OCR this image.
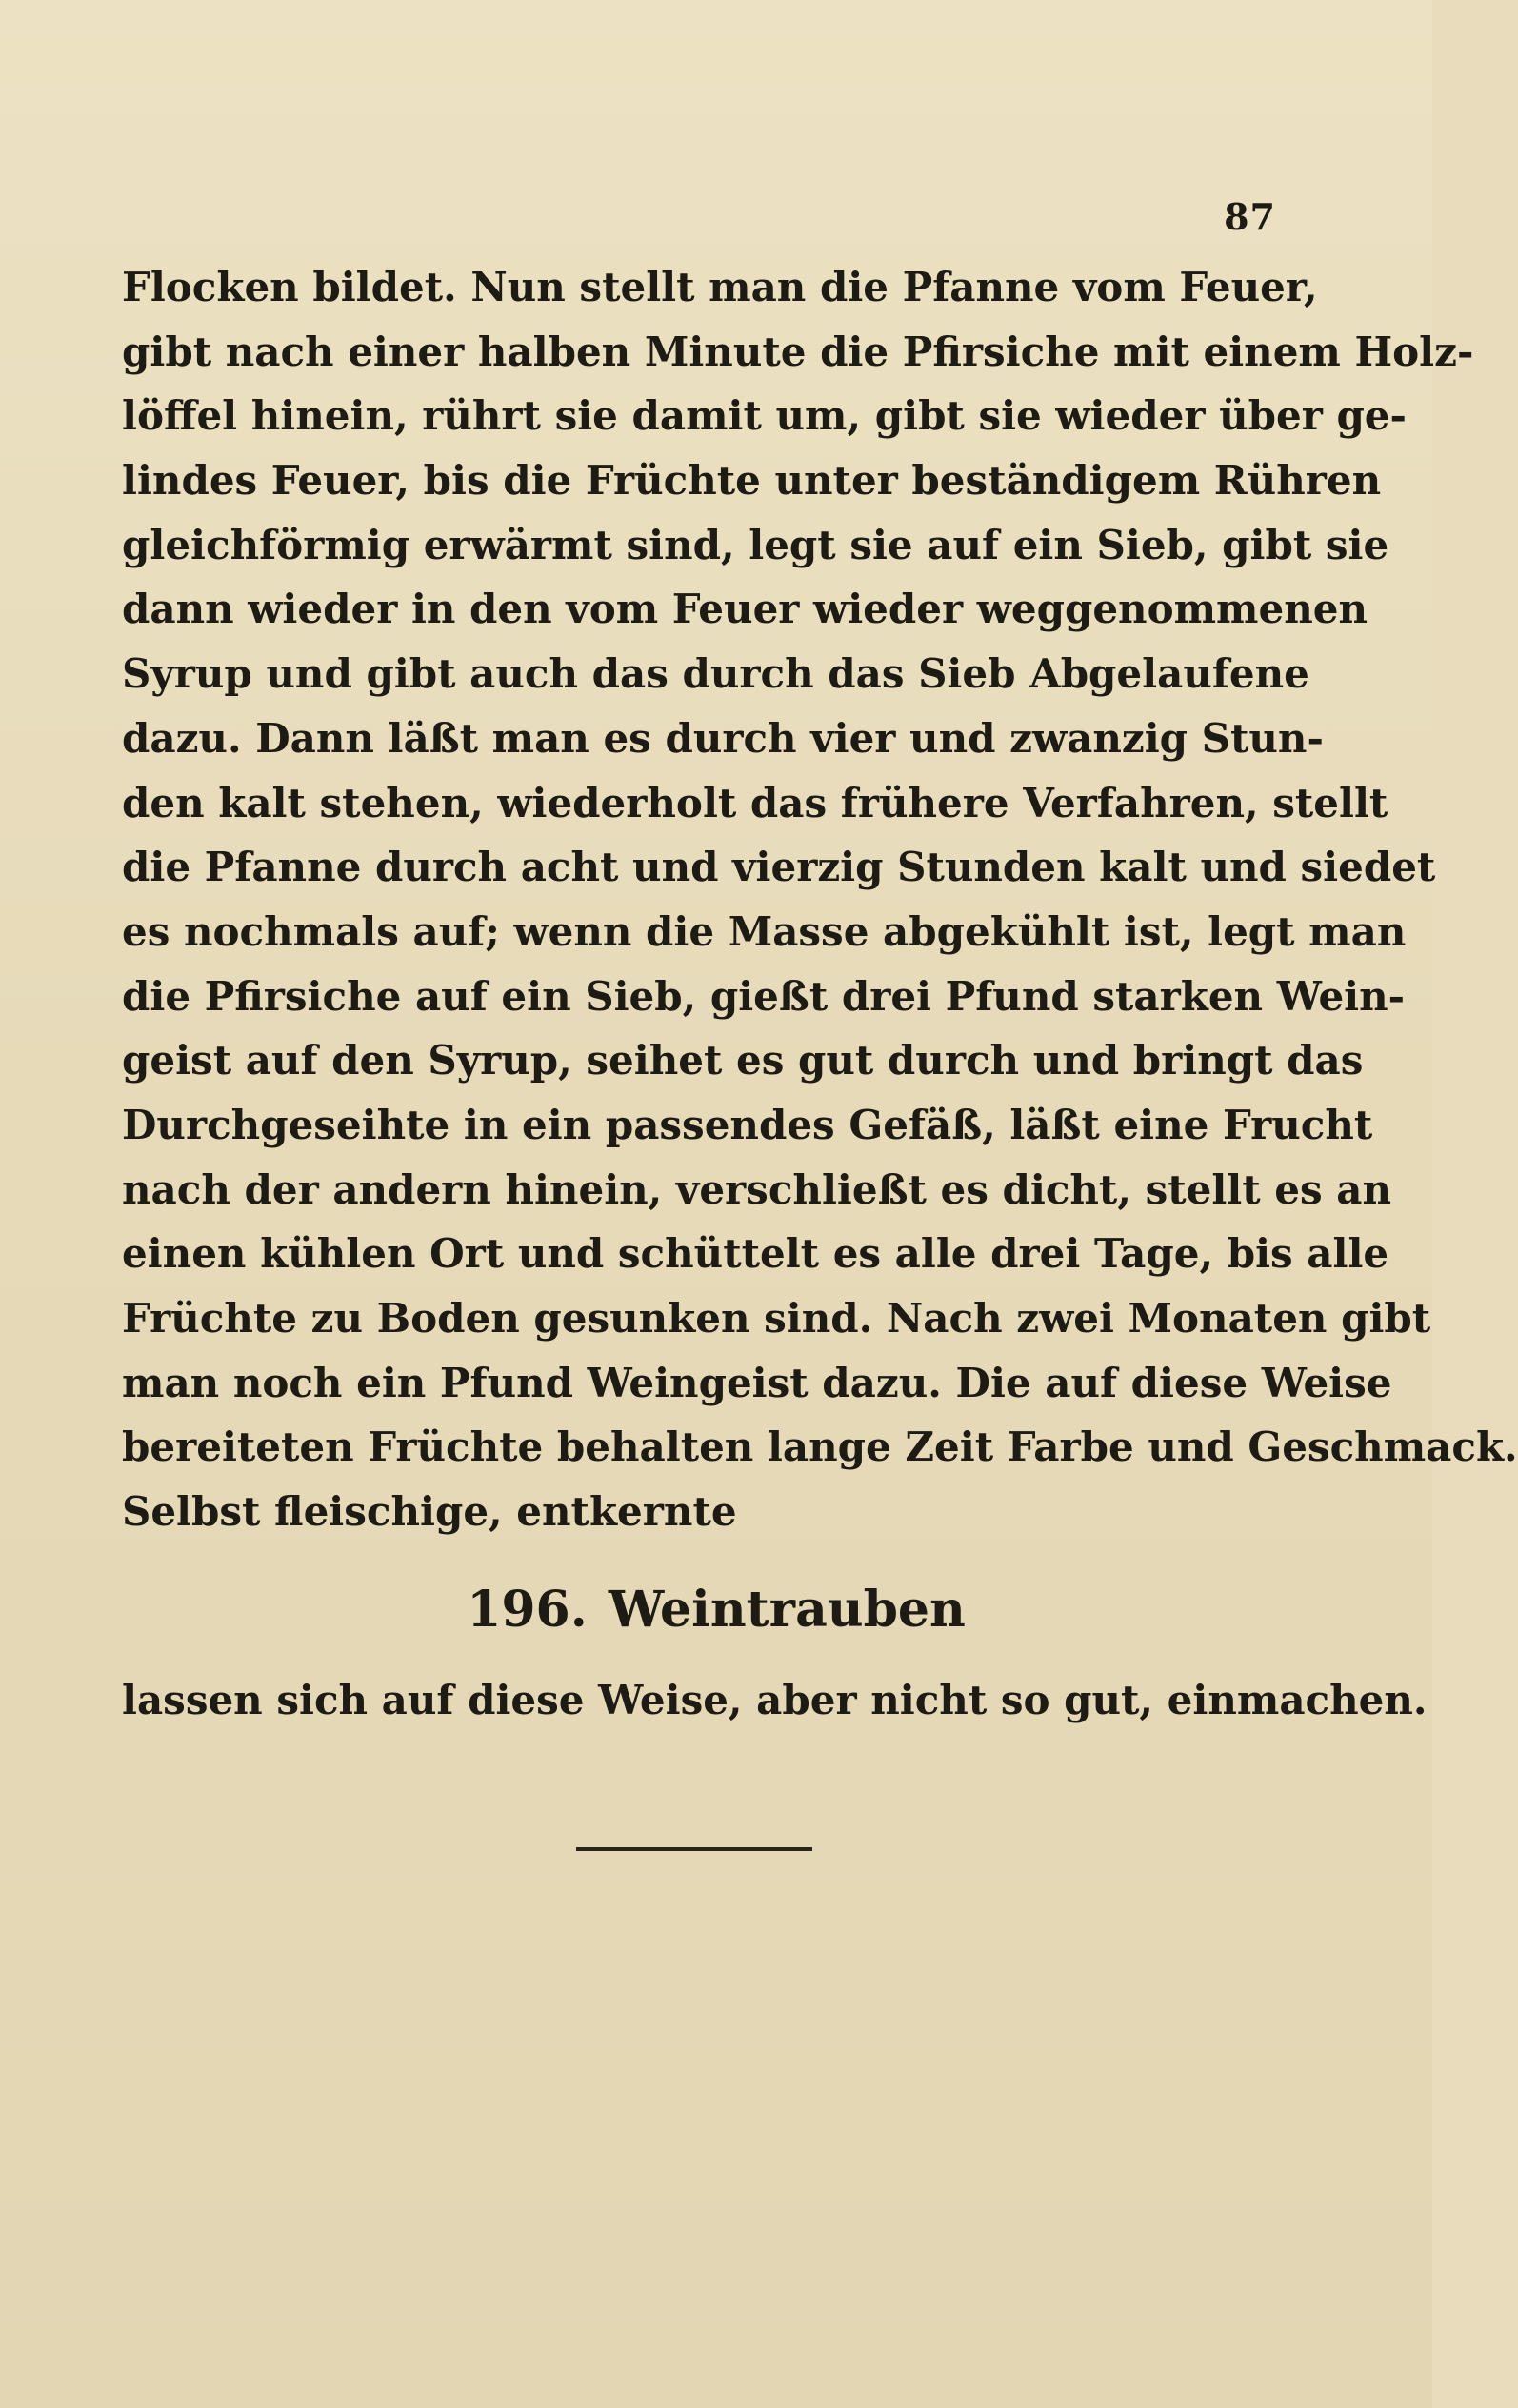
87
Flocken bildet. Nun stellt man die Pfanne vom Feuer,
gibt nach einer halben Minute die Pfirsiche mit einem Holz-
löffel hinein, rührt sie damit um, gibt sie wieder über ge-
lindes Feuer, bis die Früchte unter beständigem Rühren
gleichförmig erwärmt sind, legt sie auf ein Sieb, gibt sie
dann wieder in den vom Feuer wieder weggenommenen
Syrup und gibt auch das durch das Sieb Abgelaufene
dazu. Dann läßt man es durch vier und zwanzig Stun-
den kalt stehen, wiederholt das frühere Verfahren, stellt
die Pfanne durch acht und vierzig Stunden kalt und siedet
es nochmals auf; wenn die Masse abgekühlt ist, legt man
die Pfirsiche auf ein Sieb, gießt drei Pfund starken Wein-
geist auf den Syrup, seihet es gut durch und bringt das
Durchgeseihte in ein passendes Gefäß, läßt eine Frucht
nach der andern hinein, verschließt es dicht, stellt es an
einen kühlen Ort und schüttelt es alle drei Tage, bis alle
Früchte zu Boden gesunken sind. Nach zwei Monaten gibt
man noch ein Pfund Weingeist dazu. Die auf diese Weise
bereiteten Früchte behalten lange Zeit Farbe und Geschmack.
Selbst fleischige, entkernte
196. Weintrauben

lassen sich auf diese Weise, aber nicht so gut, einmachen.
